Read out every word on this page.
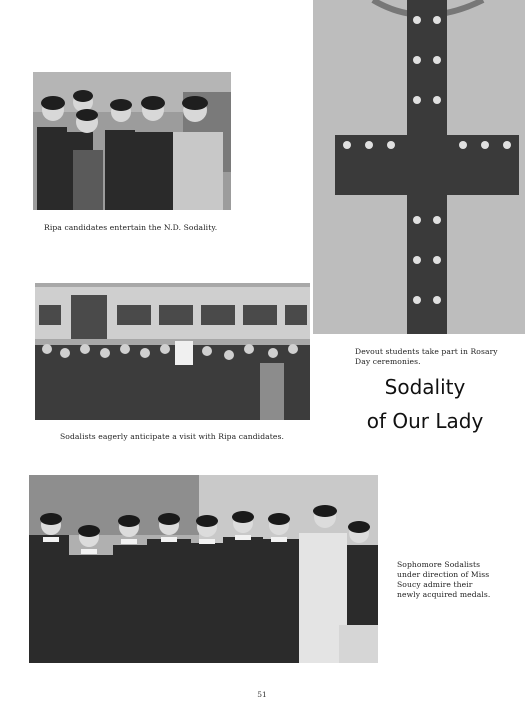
Ripa candidates entertain the N.D. Sodality.
Devout students take part in Rosary Day ceremonies.
Sodality
of Our Lady
Sodalists eagerly anticipate a visit with Ripa candidates.
Sophomore Sodalists under direction of Miss Soucy admire their newly acquired medals.
51
